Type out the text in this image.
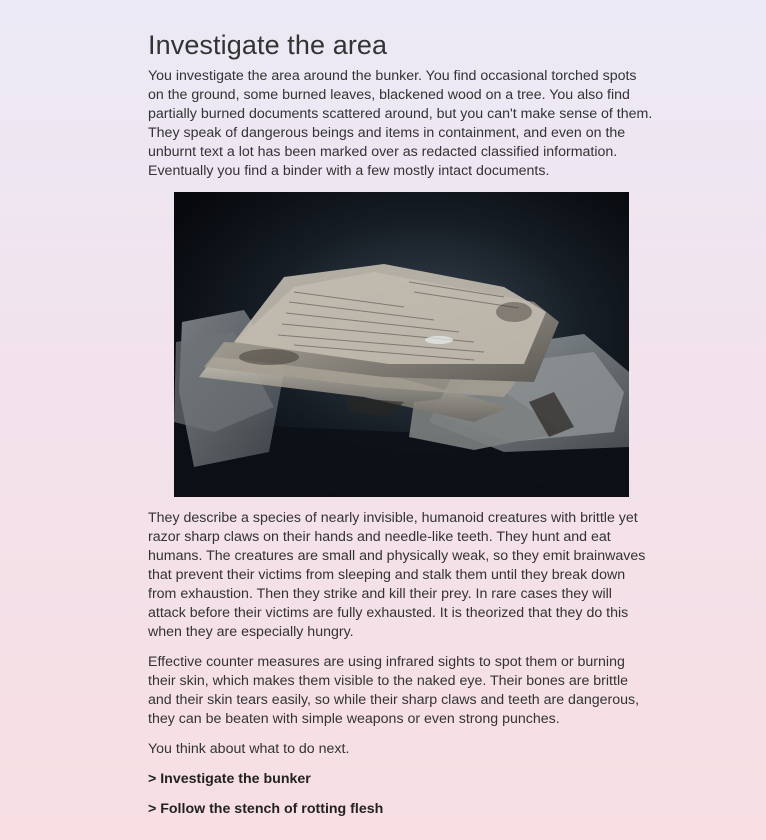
Investigate the area

You investigate the area around the bunker. You find occasional torched spots on the ground, some burned leaves, blackened wood on a tree. You also find partially burned documents scattered around, but you can't make sense of them. They speak of dangerous beings and items in containment, and even on the unburnt text a lot has been marked over as redacted classified information. Eventually you find a binder with a few mostly intact documents.

They describe a species of nearly invisible, humanoid creatures with brittle yet razor sharp claws on their hands and needle-like teeth. They hunt and eat humans. The creatures are small and physically weak, so they emit brainwaves that prevent their victims from sleeping and stalk them until they break down from exhaustion. Then they strike and kill their prey. In rare cases they will attack before their victims are fully exhausted. It is theorized that they do this when they are especially hungry.

Effective counter measures are using infrared sights to spot them or burning their skin, which makes them visible to the naked eye. Their bones are brittle and their skin tears easily, so while their sharp claws and teeth are dangerous, they can be beaten with simple weapons or even strong punches.

You think about what to do next.

> Investigate the bunker
> Follow the stench of rotting flesh
